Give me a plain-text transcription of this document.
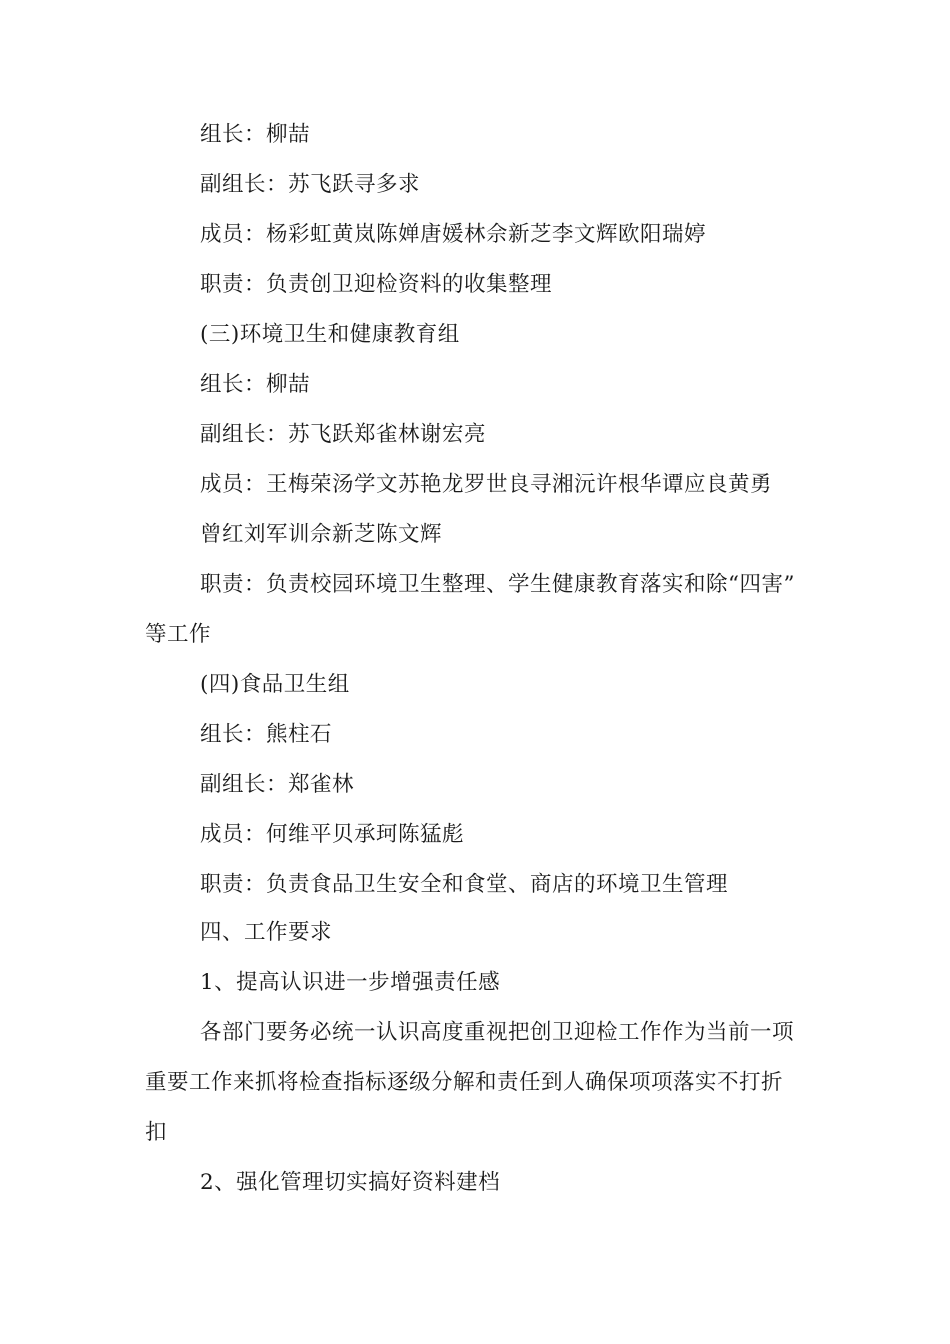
组长：柳喆
副组长：苏飞跃寻多求
成员：杨彩虹黄岚陈婵唐媛林佘新芝李文辉欧阳瑞婷
职责：负责创卫迎检资料的收集整理
(三)环境卫生和健康教育组
组长：柳喆
副组长：苏飞跃郑雀林谢宏亮
成员：王梅荣汤学文苏艳龙罗世良寻湘沅许根华谭应良黄勇
曾红刘军训佘新芝陈文辉
职责：负责校园环境卫生整理、学生健康教育落实和除“四害”
等工作
(四)食品卫生组
组长：熊柱石
副组长：郑雀林
成员：何维平贝承珂陈猛彪
职责：负责食品卫生安全和食堂、商店的环境卫生管理
四、工作要求
1、提高认识进一步增强责任感
各部门要务必统一认识高度重视把创卫迎检工作作为当前一项
重要工作来抓将检查指标逐级分解和责任到人确保项项落实不打折
扣
2、强化管理切实搞好资料建档
